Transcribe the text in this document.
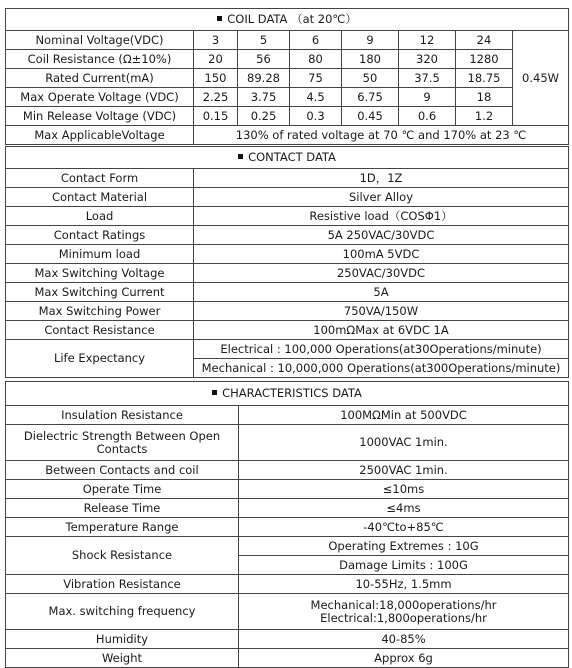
COIL DATA （at 20℃）							
Nominal Voltage(VDC)	3	5	6	9	12	24	0.45W
Coil Resistance (Ω±10%)	20	56	80	180	320	1280	
Rated Current(mA)	150	89.28	75	50	37.5	18.75	
Max Operate Voltage (VDC)	2.25	3.75	4.5	6.75	9	18	
Min Release Voltage (VDC)	0.15	0.25	0.3	0.45	0.6	1.2	
Max ApplicableVoltage	130% of rated voltage at 70 ℃ and 170% at 23 ℃						
CONTACT DATA	
Contact Form	1D，1Z
Contact Material	Silver Alloy
Load	Resistive load（COSΦ1）
Contact Ratings	5A 250VAC/30VDC
Minimum load	100mA 5VDC
Max Switching Voltage	250VAC/30VDC
Max Switching Current	5A
Max Switching Power	750VA/150W
Contact Resistance	100mΩMax at 6VDC 1A
Life Expectancy	Electrical : 100,000 Operations(at30Operations/minute)
	Mechanical : 10,000,000 Operations(at300Operations/minute)
CHARACTERISTICS DATA	
Insulation Resistance	100MΩMin at 500VDC
Dielectric Strength Between Open Contacts	1000VAC 1min.
Between Contacts and coil	2500VAC 1min.
Operate Time	≤10ms
Release Time	≤4ms
Temperature Range	-40℃to+85℃
Shock Resistance	Operating Extremes : 10G
	Damage Limits : 100G
Vibration Resistance	10-55Hz, 1.5mm
Max. switching frequency	Mechanical:18,000operations/hr
Electrical:1,800operations/hr

Humidity	40-85%
Weight	Approx 6g
